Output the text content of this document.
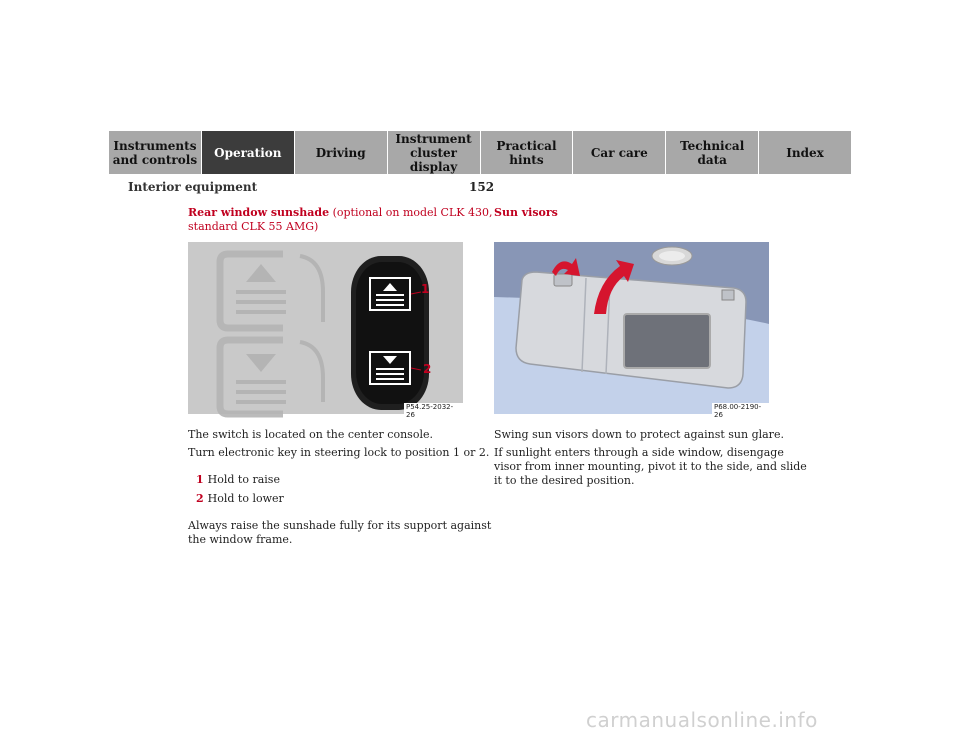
Instruments
and controls Operation	Driving
Instrument
cluster display
Practical hints	Car care	Technical
data	Index
Interior equipment	152
Rear window sunshade (optional on model CLK 430,
standard CLK 55 AMG)
1
2
P54.25-2032-26
The switch is located on the center console.
Turn electronic key in steering lock to position 1 or 2.
1 Hold to raise
2 Hold to lower
Always raise the sunshade fully for its support against
the window frame.
Sun visors
P68.00-2190-26
Swing sun visors down to protect against sun glare.
If sunlight enters through a side window, disengage
visor from inner mounting, pivot it to the side, and slide
it to the desired position.
carmanualsonline.info
